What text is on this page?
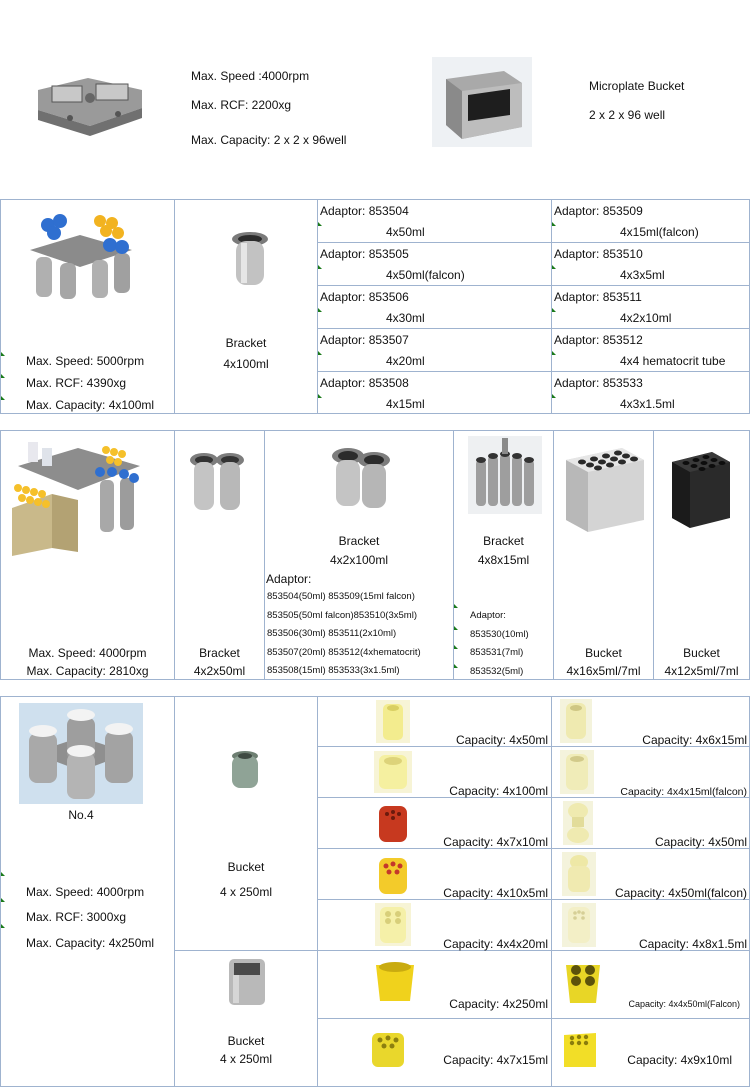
Max. Speed :4000rpm
Max. RCF: 2200xg
Max. Capacity: 2 x 2 x 96well
Microplate Bucket
2 x 2 x 96 well
Max. Speed: 5000rpm
Max. RCF: 4390xg
Max. Capacity: 4x100ml
Bracket
4x100ml
Adaptor: 853504
4x50ml
Adaptor: 853505
4x50ml(falcon)
Adaptor: 853506
4x30ml
Adaptor: 853507
4x20ml
Adaptor: 853508
4x15ml
Adaptor: 853509
4x15ml(falcon)
Adaptor: 853510
4x3x5ml
Adaptor: 853511
4x2x10ml
Adaptor: 853512
4x4 hematocrit tube
Adaptor: 853533
4x3x1.5ml
Max. Speed: 4000rpm
Max. Capacity: 2810xg
Bracket
4x2x50ml
Bracket
4x2x100ml
Adaptor:
853504(50ml) 853509(15ml falcon)
853505(50ml falcon)853510(3x5ml)
853506(30ml) 853511(2x10ml)
853507(20ml) 853512(4xhematocrit)
853508(15ml) 853533(3x1.5ml)
Bracket
4x8x15ml
Adaptor:
853530(10ml)
853531(7ml)
853532(5ml)
Bucket
4x16x5ml/7ml
Bucket
4x12x5ml/7ml
No.4
Max. Speed: 4000rpm
Max. RCF: 3000xg
Max. Capacity: 4x250ml
Bucket
4 x 250ml
Bucket
4 x 250ml
Capacity: 4x50ml
Capacity: 4x100ml
Capacity: 4x7x10ml
Capacity: 4x10x5ml
Capacity: 4x4x20ml
Capacity: 4x250ml
Capacity: 4x7x15ml
Capacity: 4x6x15ml
Capacity: 4x4x15ml(falcon)
Capacity: 4x50ml
Capacity: 4x50ml(falcon)
Capacity: 4x8x1.5ml
Capacity: 4x4x50ml(Falcon)
Capacity: 4x9x10ml
